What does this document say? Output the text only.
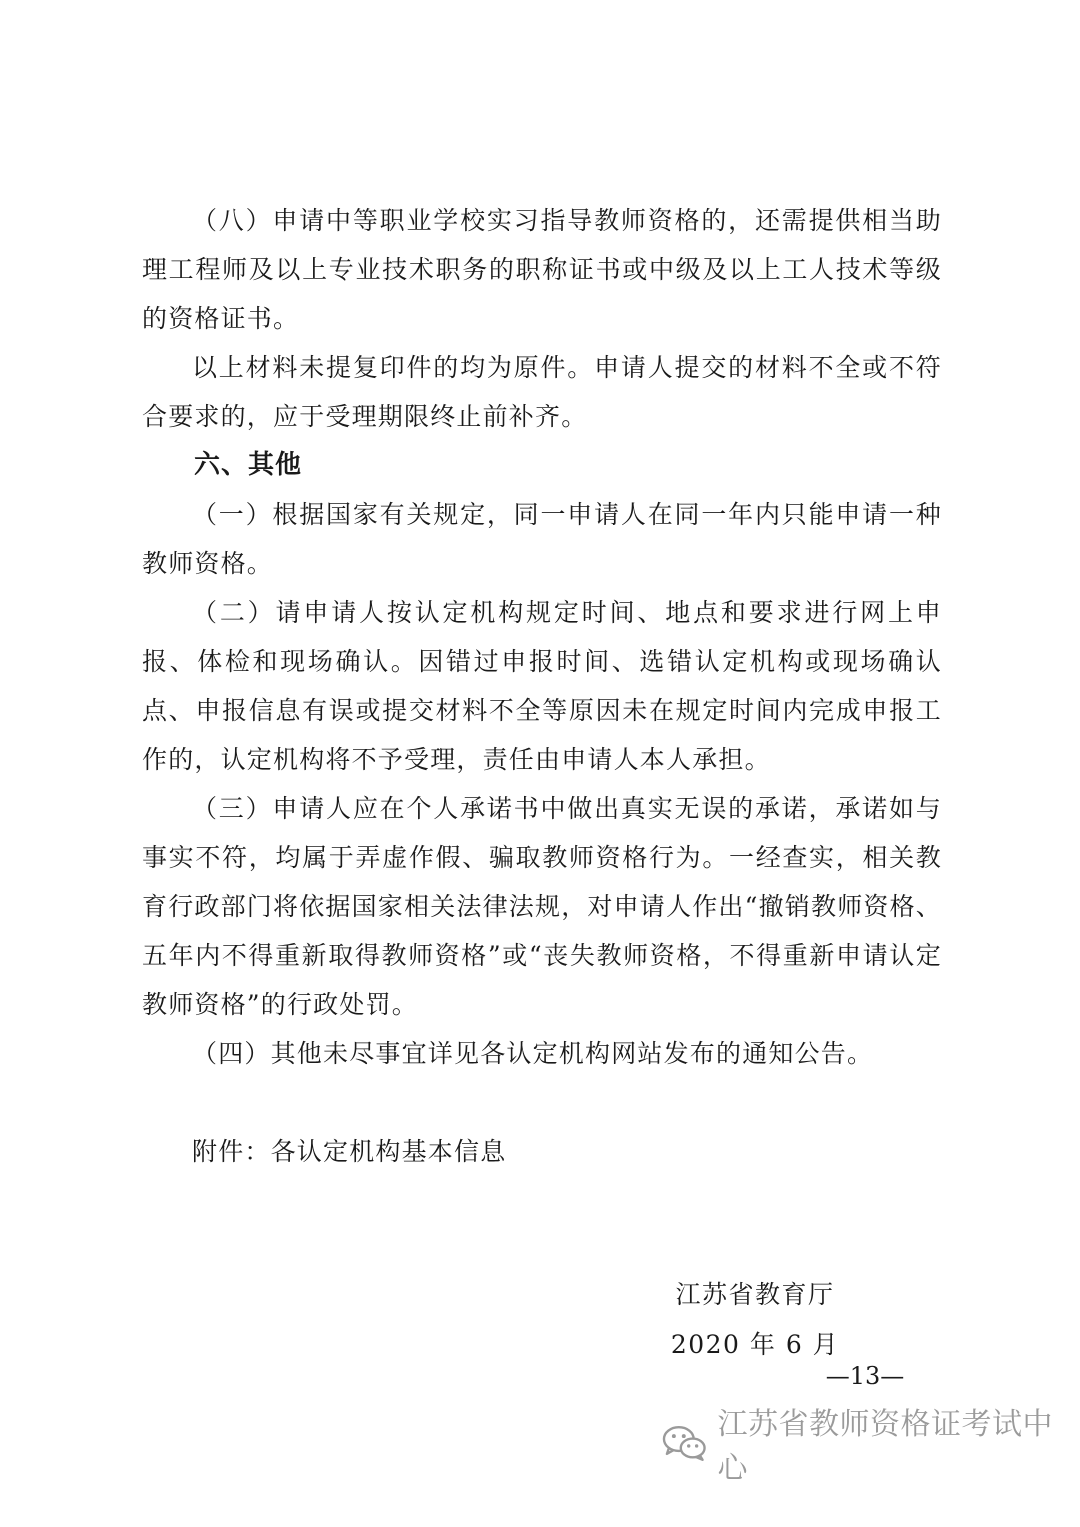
（八）申请中等职业学校实习指导教师资格的，还需提供相当助理工程师及以上专业技术职务的职称证书或中级及以上工人技术等级的资格证书。

以上材料未提复印件的均为原件。申请人提交的材料不全或不符合要求的，应于受理期限终止前补齐。

六、其他

（一）根据国家有关规定，同一申请人在同一年内只能申请一种教师资格。

（二）请申请人按认定机构规定时间、地点和要求进行网上申报、体检和现场确认。因错过申报时间、选错认定机构或现场确认点、申报信息有误或提交材料不全等原因未在规定时间内完成申报工作的，认定机构将不予受理，责任由申请人本人承担。

（三）申请人应在个人承诺书中做出真实无误的承诺，承诺如与事实不符，均属于弄虚作假、骗取教师资格行为。一经查实，相关教育行政部门将依据国家相关法律法规，对申请人作出“撤销教师资格、五年内不得重新取得教师资格”或“丧失教师资格，不得重新申请认定教师资格”的行政处罚。

（四）其他未尽事宜详见各认定机构网站发布的通知公告。

附件：各认定机构基本信息

江苏省教育厅
2020 年 6 月
—13—
江苏省教师资格证考试中心
